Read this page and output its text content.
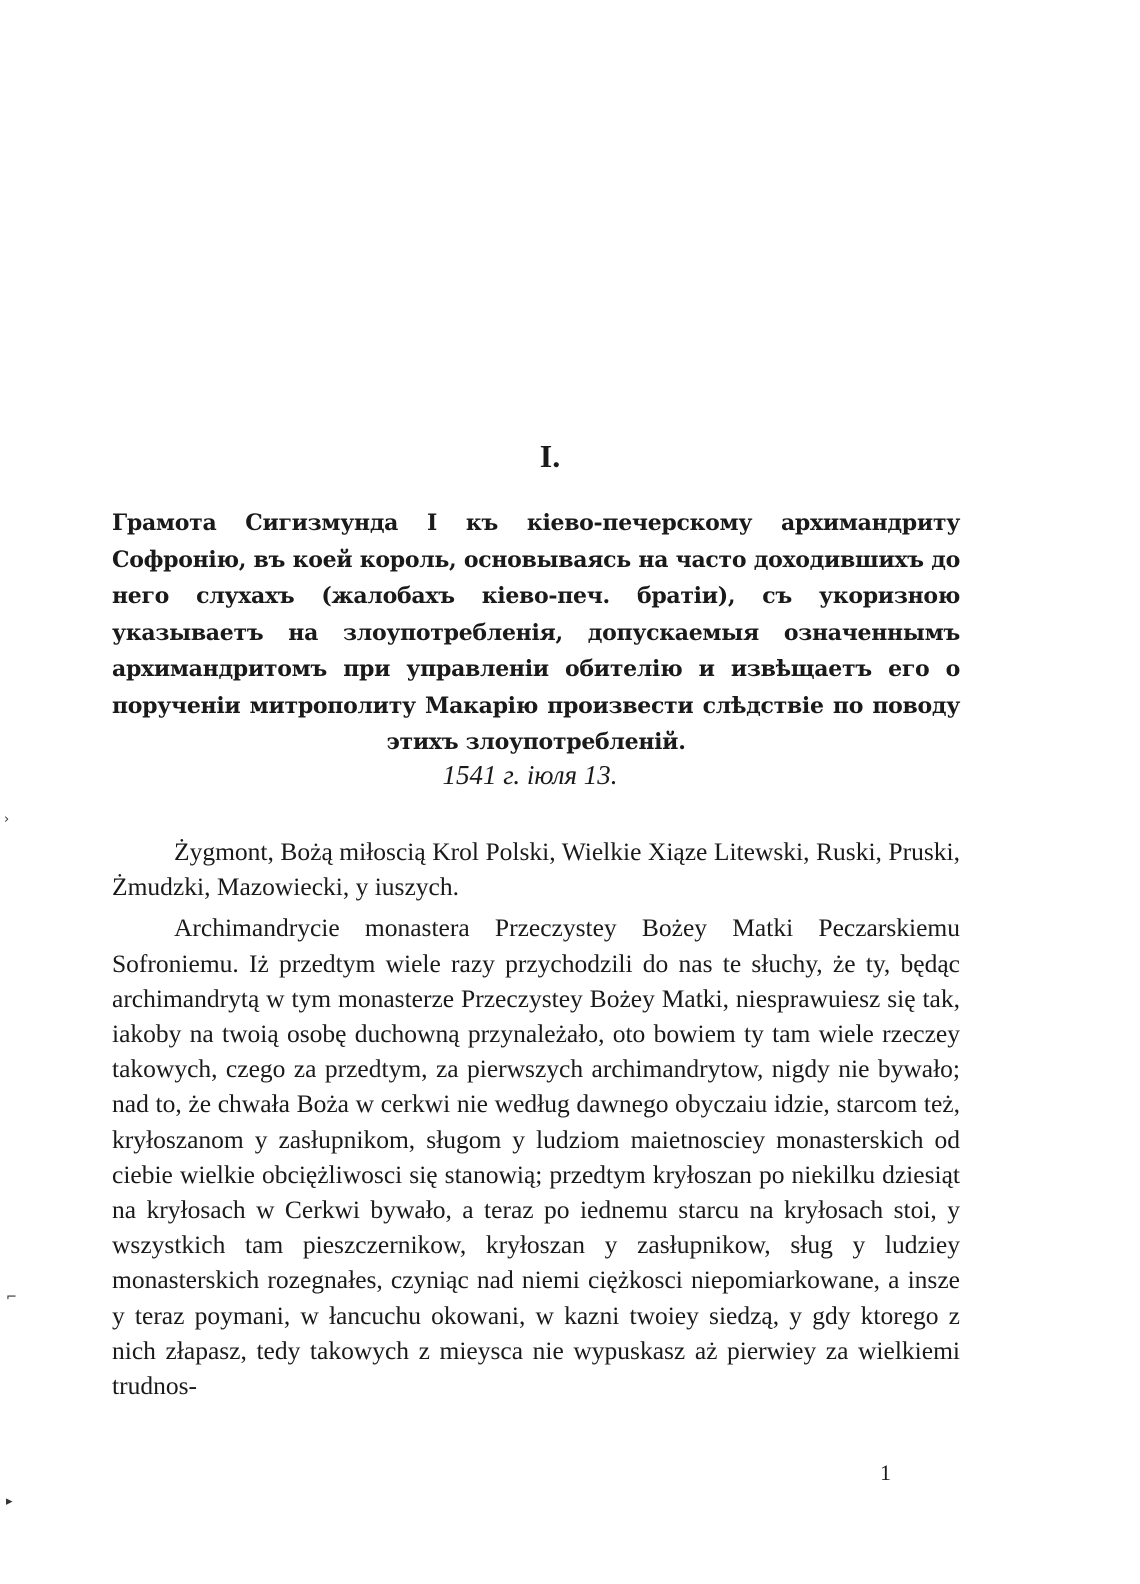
I.
Грамота Сигизмунда I къ кіево-печерскому архимандриту Софронію, въ коей король, основываясь на часто доходившихъ до него слухахъ (жалобахъ кіево-печ. братіи), съ укоризною указываетъ на злоупотребленія, допускаемыя означеннымъ архимандритомъ при управленіи обителію и извѣщаетъ его о порученіи митрополиту Макарію произвести слѣдствіе по поводу этихъ злоупотребленій.
1541 г. іюля 13.

Żygmont, Bożą miłoscią Krol Polski, Wielkie Xiąze Litewski, Ruski, Pruski, Żmudzki, Mazowiecki, y iuszych.

Archimandrycie monastera Przeczystey Bożey Matki Peczarskiemu Sofroniemu. Iż przedtym wiele razy przychodzili do nas te słuchy, że ty, będąc archimandrytą w tym monasterze Przeczystey Bożey Matki, niesprawuiesz się tak, iakoby na twoią osobę duchowną przynależało, oto bowiem ty tam wiele rzeczey takowych, czego za przedtym, za pierwszych archimandrytow, nigdy nie bywało; nad to, że chwała Boża w cerkwi nie według dawnego obyczaiu idzie, starcom też, kryłoszanom y zasłupnikom, sługom y ludziom maietnosciey monasterskich od ciebie wielkie obciężliwosci się stanowią; przedtym kryłoszan po niekilku dziesiąt na kryłosach w Cerkwi bywało, a teraz po iednemu starcu na kryłosach stoi, y wszystkich tam pieszczernikow, kryłoszan y zasłupnikow, sług y ludziey monasterskich rozegnałes, czyniąc nad niemi ciężkosci niepomiarkowane, a insze y teraz poymani, w łancuchu okowani, w kazni twoiey siedzą, y gdy ktorego z nich złapasz, tedy takowych z mieysca nie wypuskasz aż pierwiey za wielkiemi trudnos-

1
›
⌐
▸
